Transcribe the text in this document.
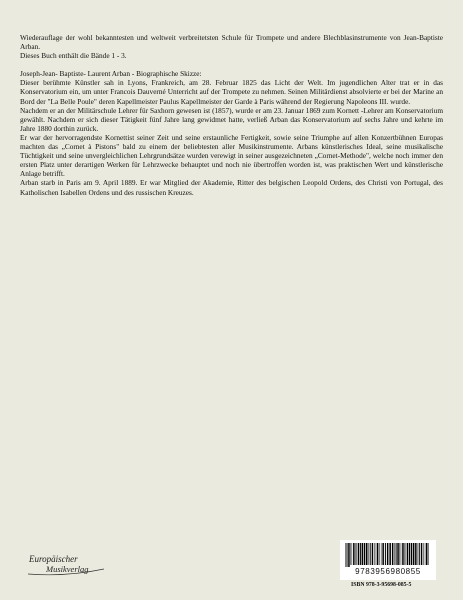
Wiederauflage der wohl bekanntesten und weltweit verbreitetsten Schule für Trompete und andere Blechblasinstrumente von Jean-Baptiste Arban.

Dieses Buch enthält die Bände 1 - 3.

Joseph-Jean- Baptiste- Laurent Arban - Biographische Skizze:

Dieser berühmte Künstler sah in Lyons, Frankreich, am 28. Februar 1825 das Licht der Welt. Im jugendlichen Alter trat er in das Konservatorium ein, um unter Francois Dauverné Unterricht auf der Trompete zu nehmen. Seinen Militärdienst absolvierte er bei der Marine an Bord der "La Belle Poule" deren Kapellmeister Paulus Kapellmeister der Garde à Paris während der Regierung Napoleons III. wurde.

Nachdem er an der Militärschule Lehrer für Saxhorn gewesen ist (1857), wurde er am 23. Januar 1869 zum Kornett -Lehrer am Konservatorium gewählt. Nachdem er sich dieser Tätigkeit fünf Jahre lang gewidmet hatte, verließ Arban das Konservatorium auf sechs Jahre und kehrte im Jahre 1880 dorthin zurück.

Er war der hervorragendste Kornettist seiner Zeit und seine erstaunliche Fertigkeit, sowie seine Triumphe auf allen Konzertbühnen Europas machten das „Cornet à Pistons" bald zu einem der beliebtesten aller Musikinstrumente. Arbans künstlerisches Ideal, seine musikalische Tüchtigkeit und seine unvergleichlichen Lehrgrundsätze wurden verewigt in seiner ausgezeichneten „Cornet-Methode", welche noch immer den ersten Platz unter derartigen Werken für Lehrzwecke behauptet und noch nie übertroffen worden ist, was praktischen Wert und künstlerische Anlage betrifft.

Arban starb in Paris am 9. April 1889. Er war Mitglied der Akademie, Ritter des belgischen Leopold Ordens, des Christi von Portugal, des Katholischen Isabellen Ordens und des russischen Kreuzes.

Europäischer
Musikverlag	9783956980855
ISBN 978-3-95698-085-5
